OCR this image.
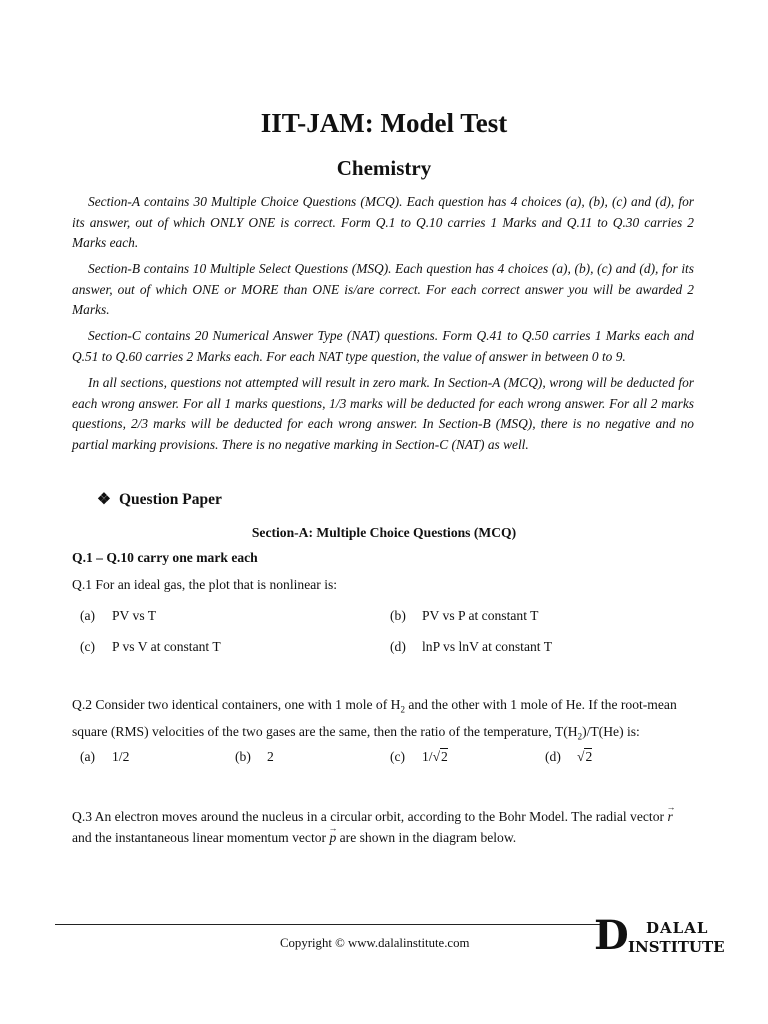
IIT-JAM: Model Test
Chemistry

Section-A contains 30 Multiple Choice Questions (MCQ). Each question has 4 choices (a), (b), (c) and (d), for its answer, out of which ONLY ONE is correct. Form Q.1 to Q.10 carries 1 Marks and Q.11 to Q.30 carries 2 Marks each.

Section-B contains 10 Multiple Select Questions (MSQ). Each question has 4 choices (a), (b), (c) and (d), for its answer, out of which ONE or MORE than ONE is/are correct. For each correct answer you will be awarded 2 Marks.

Section-C contains 20 Numerical Answer Type (NAT) questions. Form Q.41 to Q.50 carries 1 Marks each and Q.51 to Q.60 carries 2 Marks each. For each NAT type question, the value of answer in between 0 to 9.

In all sections, questions not attempted will result in zero mark. In Section-A (MCQ), wrong will be deducted for each wrong answer. For all 1 marks questions, 1/3 marks will be deducted for each wrong answer. For all 2 marks questions, 2/3 marks will be deducted for each wrong answer. In Section-B (MSQ), there is no negative and no partial marking provisions. There is no negative marking in Section-C (NAT) as well.

❖ Question Paper
Section-A: Multiple Choice Questions (MCQ)
Q.1 – Q.10 carry one mark each

Q.1 For an ideal gas, the plot that is nonlinear is:

(a) PV vs T	(b) PV vs P at constant T
(c) P vs V at constant T	(d) lnP vs lnV at constant T

Q.2 Consider two identical containers, one with 1 mole of $H_2$ and the other with 1 mole of He. If the root-mean square (RMS) velocities of the two gases are the same, then the ratio of the temperature, $T(H_2)/T(He)$ is:

(a) 1/2	(b) 2	(c) 1/√2	(d) √2

Q.3 An electron moves around the nucleus in a circular orbit, according to the Bohr Model. The radial vector → r and the instantaneous linear momentum vector → p are shown in the diagram below.

Copyright © www.dalalinstitute.com	D DALAL
INSTITUTE
